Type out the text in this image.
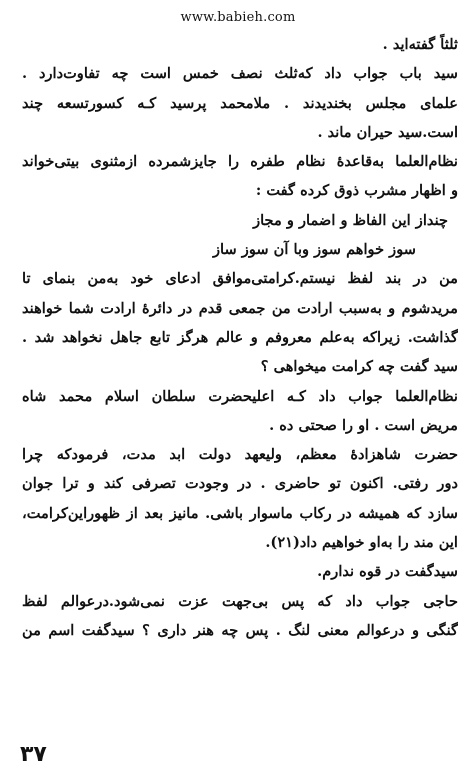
www.babieh.com
ثلثاً گفته‌اید .
سید باب جواب داد که‌ثلث نصف خمس است چه تفاوت‌دارد .
علمای مجلس بخندیدند . ملامحمد پرسید کـه کسورتسعه چند
است.سید حیران ماند .
نظام‌العلما به‌قاعدهٔ نظام طفره را جایزشمرده ازمثنوی بیتی‌خواند
و اظهار مشرب ذوق کرده گفت :
چنداز این الفاظ و اضمار و مجاز
سوز خواهم سوز وبا آن سوز ساز
من در بند لفظ نیستم.کرامتی‌موافق ادعای خود به‌من بنمای تا
مریدشوم و به‌سبب ارادت من جمعی قدم در دائرهٔ ارادت شما خواهند
گذاشت. زیراکه به‌علم معروفم و عالم هرگز تابع جاهل نخواهد شد .
سید گفت چه کرامت میخواهی ؟
نظام‌العلما جواب داد کـه اعلیحضرت سلطان اسلام محمد شاه
مریض است . او را صحتی ده .
حضرت شاهزادهٔ معظم، ولیعهد دولت ابد مدت، فرمودکه چرا
دور رفتی. اکنون تو حاضری . در وجودت تصرفی کند و ترا جوان
سازد که همیشه در رکاب ماسوار باشی. مانیز بعد از ظهوراین‌کرامت،
این مند را به‌او خواهیم داد(۲۱).
سیدگفت در قوه ندارم.
حاجی جواب داد که پس بی‌جهت عزت نمی‌شود.درعوالم لفظ
گنگی و درعوالم معنی لنگ . پس چه هنر داری ؟ سیدگفت اسم من
۳۷
